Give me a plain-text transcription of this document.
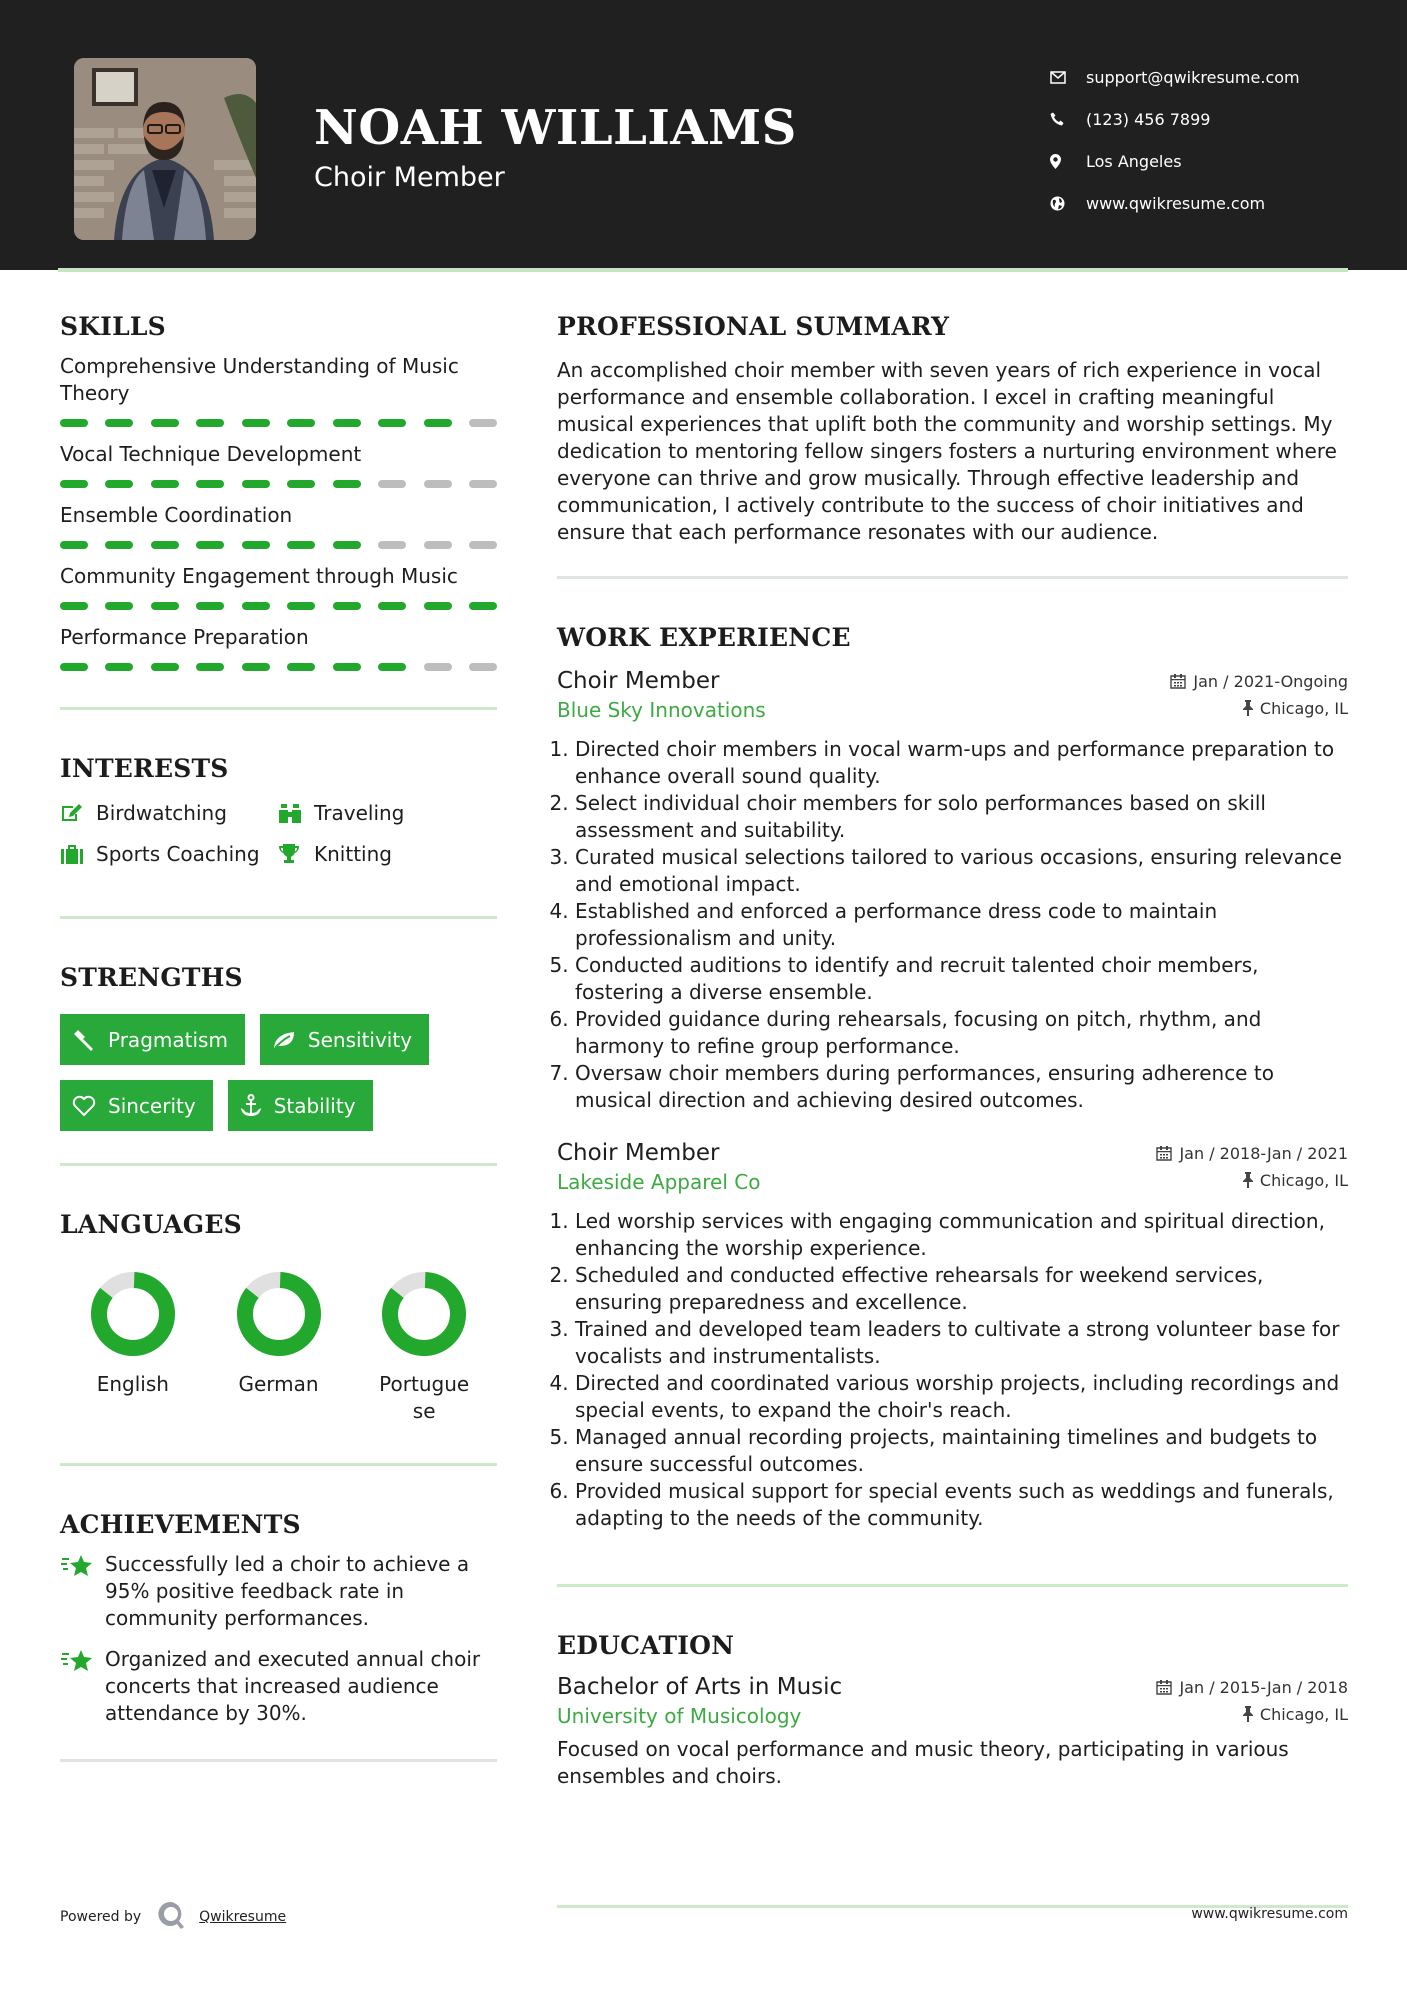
NOAH WILLIAMS
Choir Member
support@qwikresume.com
(123) 456 7899
Los Angeles
www.qwikresume.com
SKILLS
Comprehensive Understanding of Music Theory
Vocal Technique Development
Ensemble Coordination
Community Engagement through Music
Performance Preparation
INTERESTS
Birdwatching	Traveling
Sports Coaching	Knitting
STRENGTHS
Pragmatism	Sensitivity
Sincerity	Stability
LANGUAGES
English	German	Portuguese
ACHIEVEMENTS
Successfully led a choir to achieve a 95% positive feedback rate in community performances.
Organized and executed annual choir concerts that increased audience attendance by 30%.
PROFESSIONAL SUMMARY

An accomplished choir member with seven years of rich experience in vocal performance and ensemble collaboration. I excel in crafting meaningful musical experiences that uplift both the community and worship settings. My dedication to mentoring fellow singers fosters a nurturing environment where everyone can thrive and grow musically. Through effective leadership and communication, I actively contribute to the success of choir initiatives and ensure that each performance resonates with our audience.

WORK EXPERIENCE
Choir Member	Jan / 2021-Ongoing
Blue Sky Innovations	Chicago, IL
1. Directed choir members in vocal warm-ups and performance preparation to enhance overall sound quality.
2. Select individual choir members for solo performances based on skill assessment and suitability.
3. Curated musical selections tailored to various occasions, ensuring relevance and emotional impact.
4. Established and enforced a performance dress code to maintain professionalism and unity.
5. Conducted auditions to identify and recruit talented choir members, fostering a diverse ensemble.
6. Provided guidance during rehearsals, focusing on pitch, rhythm, and harmony to refine group performance.
7. Oversaw choir members during performances, ensuring adherence to musical direction and achieving desired outcomes.
Choir Member	Jan / 2018-Jan / 2021
Lakeside Apparel Co	Chicago, IL
1. Led worship services with engaging communication and spiritual direction, enhancing the worship experience.
2. Scheduled and conducted effective rehearsals for weekend services, ensuring preparedness and excellence.
3. Trained and developed team leaders to cultivate a strong volunteer base for vocalists and instrumentalists.
4. Directed and coordinated various worship projects, including recordings and special events, to expand the choir's reach.
5. Managed annual recording projects, maintaining timelines and budgets to ensure successful outcomes.
6. Provided musical support for special events such as weddings and funerals, adapting to the needs of the community.
EDUCATION
Bachelor of Arts in Music	Jan / 2015-Jan / 2018
University of Musicology	Chicago, IL

Focused on vocal performance and music theory, participating in various ensembles and choirs.

Powered by	Qwikresume	www.qwikresume.com
